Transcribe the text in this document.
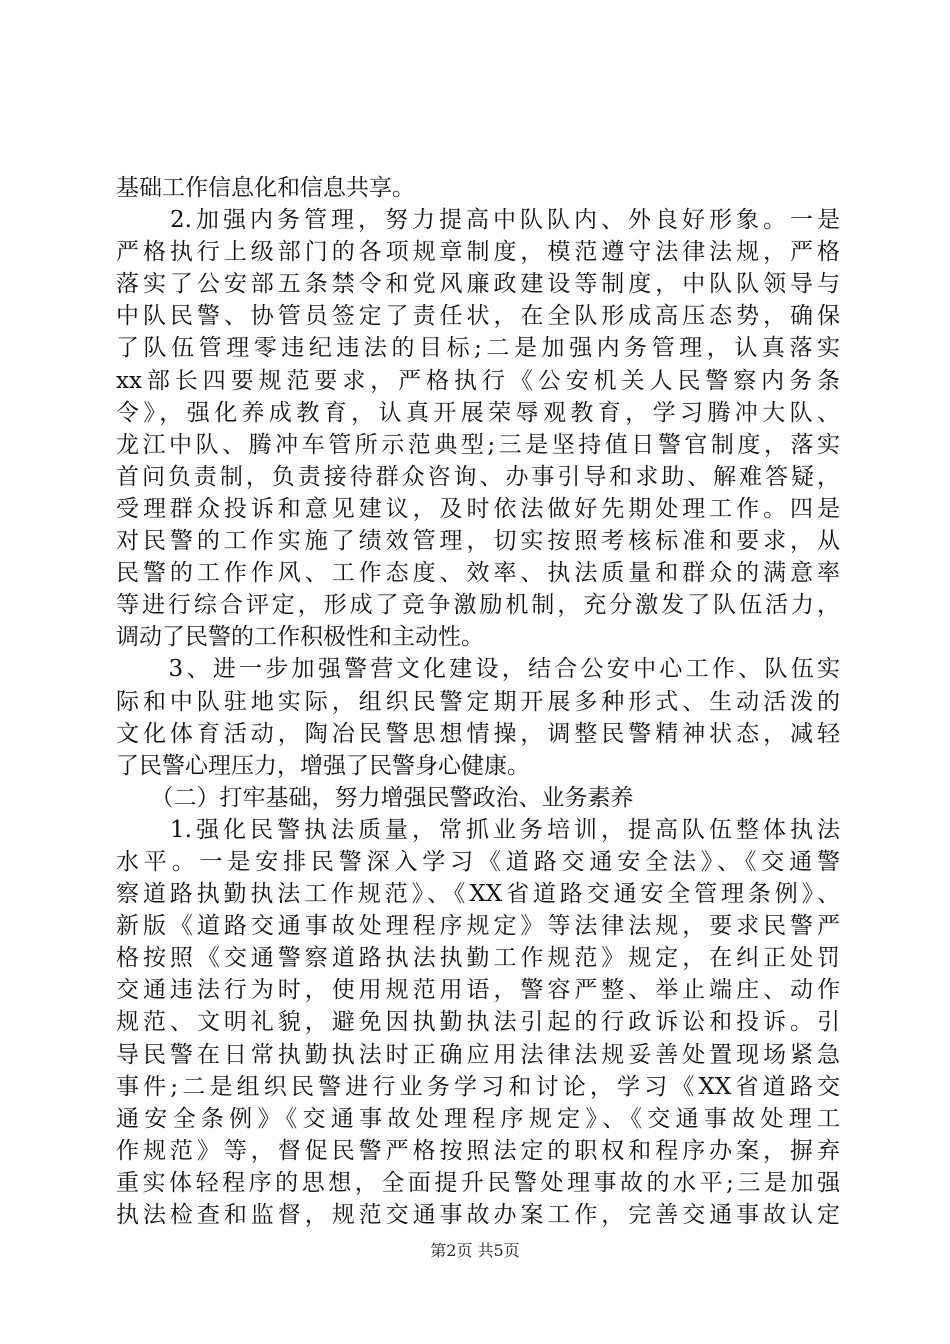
基础工作信息化和信息共享。
　　2.加强内务管理，努力提高中队队内、外良好形象。一是
严格执行上级部门的各项规章制度，模范遵守法律法规，严格
落实了公安部五条禁令和党风廉政建设等制度，中队队领导与
中队民警、协管员签定了责任状，在全队形成高压态势，确保
了队伍管理零违纪违法的目标;二是加强内务管理，认真落实
xx部长四要规范要求，严格执行《公安机关人民警察内务条
令》，强化养成教育，认真开展荣辱观教育，学习腾冲大队、
龙江中队、腾冲车管所示范典型;三是坚持值日警官制度，落实
首问负责制，负责接待群众咨询、办事引导和求助、解难答疑，
受理群众投诉和意见建议，及时依法做好先期处理工作。四是
对民警的工作实施了绩效管理，切实按照考核标准和要求，从
民警的工作作风、工作态度、效率、执法质量和群众的满意率
等进行综合评定，形成了竞争激励机制，充分激发了队伍活力，
调动了民警的工作积极性和主动性。
　　3、进一步加强警营文化建设，结合公安中心工作、队伍实
际和中队驻地实际，组织民警定期开展多种形式、生动活泼的
文化体育活动，陶冶民警思想情操，调整民警精神状态，减轻
了民警心理压力，增强了民警身心健康。
　　（二）打牢基础，努力增强民警政治、业务素养
　　1.强化民警执法质量，常抓业务培训，提高队伍整体执法
水平。一是安排民警深入学习《道路交通安全法》、《交通警
察道路执勤执法工作规范》、《XX省道路交通安全管理条例》、
新版《道路交通事故处理程序规定》等法律法规，要求民警严
格按照《交通警察道路执法执勤工作规范》规定，在纠正处罚
交通违法行为时，使用规范用语，警容严整、举止端庄、动作
规范、文明礼貌，避免因执勤执法引起的行政诉讼和投诉。引
导民警在日常执勤执法时正确应用法律法规妥善处置现场紧急
事件;二是组织民警进行业务学习和讨论，学习《XX省道路交
通安全条例》《交通事故处理程序规定》、《交通事故处理工
作规范》等，督促民警严格按照法定的职权和程序办案，摒弃
重实体轻程序的思想，全面提升民警处理事故的水平;三是加强
执法检查和监督，规范交通事故办案工作，完善交通事故认定
第2页 共5页
